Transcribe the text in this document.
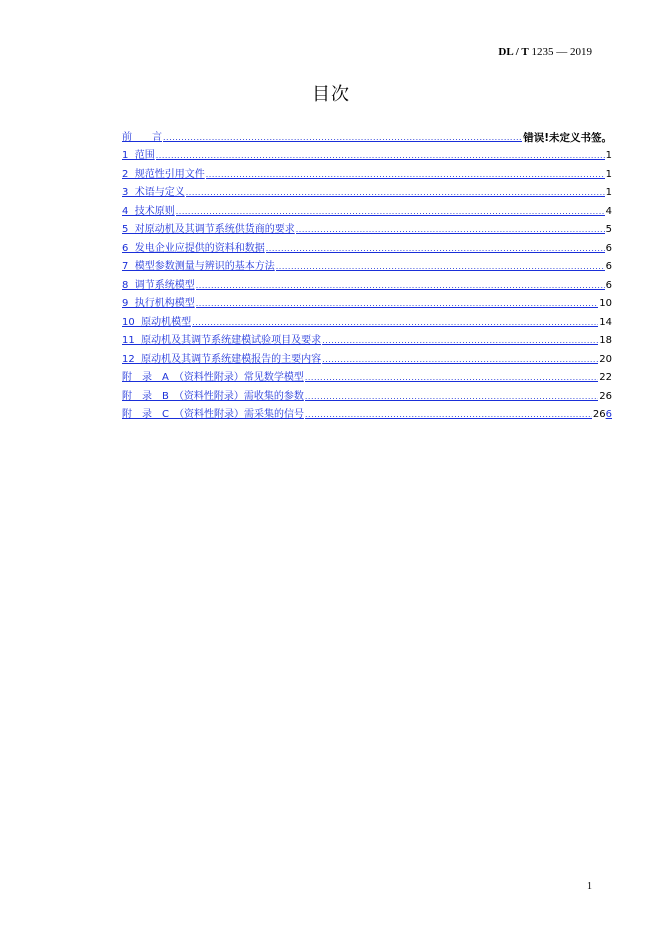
DL / T 1235 — 2019
目次
前　　言 .....	错误!未定义书签。
1  范围 .....	1
2  规范性引用文件 .....	1
3  术语与定义 .....	1
4  技术原则 .....	4
5  对原动机及其调节系统供货商的要求 .....	5
6  发电企业应提供的资料和数据 .....	6
7  模型参数测量与辨识的基本方法 .....	6
8  调节系统模型 .....	6
9  执行机构模型 .....	10
10  原动机模型 .....	14
11  原动机及其调节系统建模试验项目及要求 .....	18
12  原动机及其调节系统建模报告的主要内容 .....	20
附　录　A　（资料性附录）常见数学模型 .....	22
附　录　B　（资料性附录）需收集的参数 .....	26
附　录　C　（资料性附录）需采集的信号 .....	266
1
